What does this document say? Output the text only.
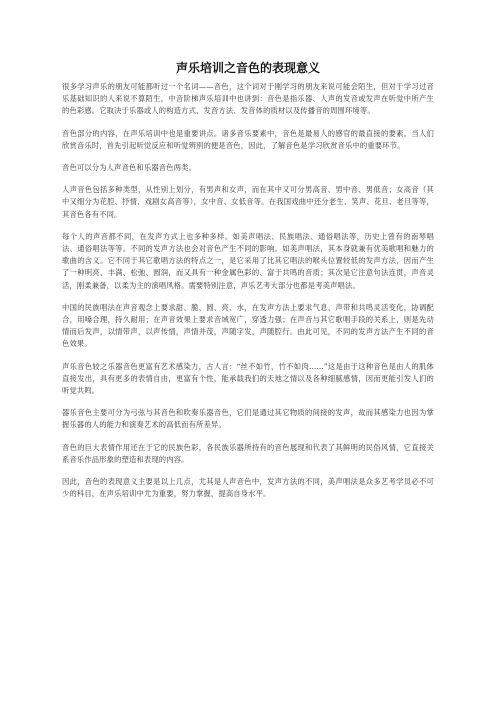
声乐培训之音色的表现意义

很多学习声乐的朋友可能都听过一个名词——音色，这个词对于刚学习的朋友来说可能会陌生，但对于学习过音乐基础知识的人来说不算陌生，中音阶梯声乐培训中也讲到：音色是指乐器、人声的发音或发声在听觉中所产生的色彩感。它取决于乐器或人的构造方式、发音方法、发音体的质材以及传播音的周围环境等。

音色部分的内容，在声乐培训中也是重要讲点。诸多音乐要素中，音色是最易人的感官的最直接的要素。当人们欣赏音乐时，首先引起听觉反应和听觉辨别的便是音色，因此，了解音色是学习欣赏音乐中的重要环节。

音色可以分为人声音色和乐器音色两类。

人声音色包括多种类型，从性别上划分，有男声和女声，而在其中又可分男高音、男中音、男低音；女高音（其中又细分为花腔、抒情、戏剧女高音等），女中音、女低音等。在我国戏曲中还分老生、笑声、花旦、老旦等等，其音色各有不同。

每个人的声音都不同，在发声方式上也多种多样。如美声唱法、民族唱法、通俗唱法等，历史上曾有的南琴唱法、通俗唱法等等。不同的发声方法也会对音色产生不同的影响。如美声唱法，其本身就兼有优美歌唱和魅力的歌曲的含义。它不同于其它歌唱方法的特点之一，是它采用了比其它唱法的喉头位置较低的发声方法，因而产生了一种明亮、丰满、松弛、圆润，而又具有一种金属色彩的、富于共鸣的音质；其次是它注意句法连贯，声音灵活，刚柔兼备，以柔为主的演唱风格。需要特别注意，声乐艺考大部分也都是考美声唱法。

中国的民族唱法在声音观念上要求甜、脆、圆、亮、水，在发声方法上要求气息、声带和共鸣灵活变化，协调配合，用嗓合理，持久耐用；在声音效果上要求音域宽广，穿透力强；在声音与其它歌唱手段的关系上，则是先动情而后发声，以情带声，以声传情，声情并茂，声随字发，声随腔行。由此可见，不同的发声方法产生不同的音色效果。

声乐音色较之乐器音色更富有艺术感染力，古人言：“丝不如竹，竹不如肉……”这是由于这种音色是由人的肌体直接发出，具有更多的表情自由，更富有个性，能承载我们的天地之情以及各种细腻感情，因而更能引发人们的听觉共鸣。

器乐音色主要可分为弓弦与其音色和吹奏乐器音色，它们是通过其它物质的间接的发声，故而其感染力也因为掌握乐器的人的能力和演奏艺术的高低而有所差异。

音色的巨大表情作用还在于它的民族色彩，各民族乐器所持有的音色展现和代表了其鲜明的民俗风情，它直接关系音乐作品形象的塑造和表现的内容。

因此，音色的表现意义主要是以上几点，尤其是人声音色中，发声方法的不同，美声唱法是众多艺考学员必不可少的科目，在声乐培训中尤为重要，努力掌握，提高自身水平。
